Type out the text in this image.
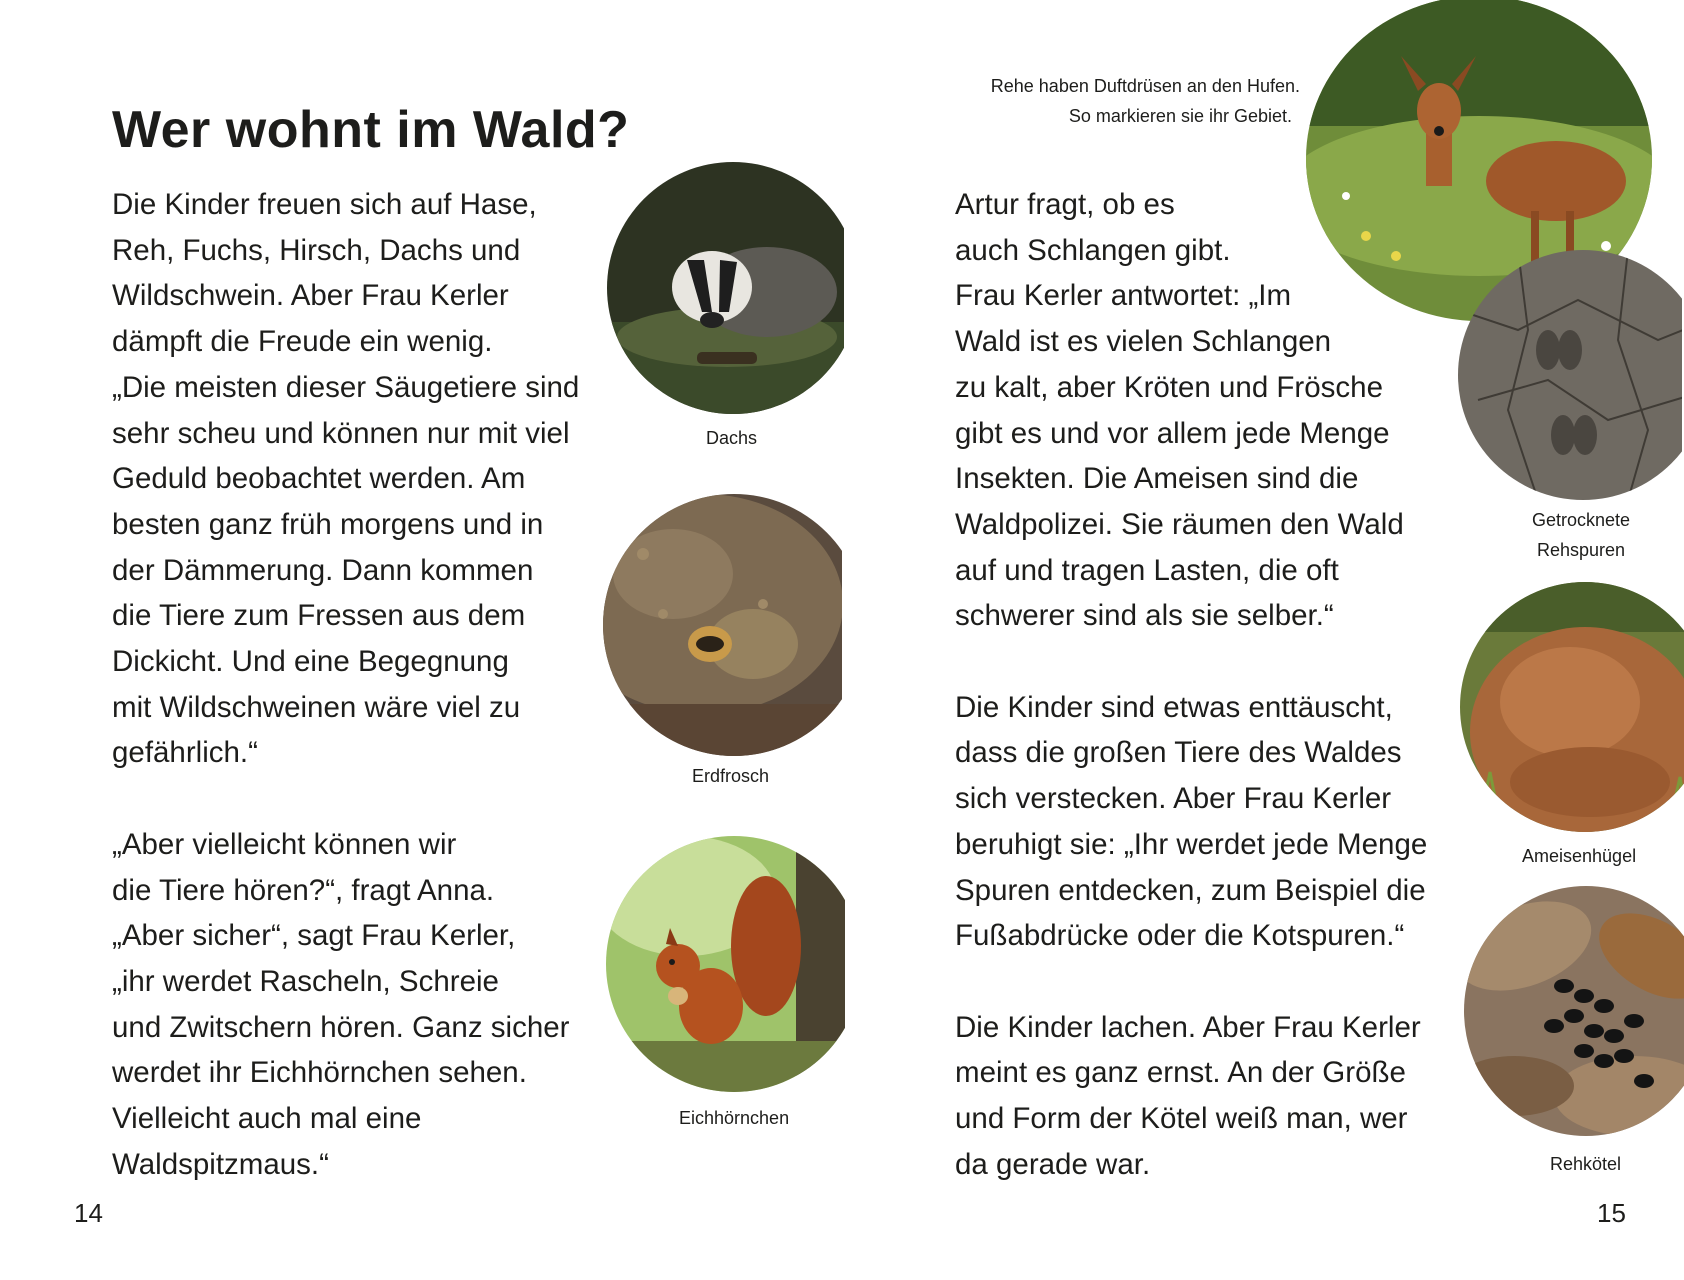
Wer wohnt im Wald?
Die Kinder freuen sich auf Hase,
Reh, Fuchs, Hirsch, Dachs und
Wildschwein. Aber Frau Kerler
dämpft die Freude ein wenig.
„Die meisten dieser Säugetiere sind
sehr scheu und können nur mit viel
Geduld beobachtet werden. Am
besten ganz früh morgens und in
der Dämmerung. Dann kommen
die Tiere zum Fressen aus dem
Dickicht. Und eine Begegnung
mit Wildschweinen wäre viel zu
gefährlich.“
„Aber vielleicht können wir
die Tiere hören?“, fragt Anna.
„Aber sicher“, sagt Frau Kerler,
„ihr werdet Rascheln, Schreie
und Zwitschern hören. Ganz sicher
werdet ihr Eichhörnchen sehen.
Vielleicht auch mal eine
Waldspitzmaus.“
Artur fragt, ob es
auch Schlangen gibt.
Frau Kerler antwortet: „Im
Wald ist es vielen Schlangen
zu kalt, aber Kröten und Frösche
gibt es und vor allem jede Menge
Insekten. Die Ameisen sind die
Waldpolizei. Sie räumen den Wald
auf und tragen Lasten, die oft
schwerer sind als sie selber.“
Die Kinder sind etwas enttäuscht,
dass die großen Tiere des Waldes
sich verstecken. Aber Frau Kerler
beruhigt sie: „Ihr werdet jede Menge
Spuren entdecken, zum Beispiel die
Fußabdrücke oder die Kotspuren.“
Die Kinder lachen. Aber Frau Kerler
meint es ganz ernst. An der Größe
und Form der Kötel weiß man, wer
da gerade war.
Dachs
Erdfrosch
Eichhörnchen
Rehe haben Duftdrüsen an den Hufen.
So markieren sie ihr Gebiet.
Getrocknete
Rehspuren
Ameisenhügel
Rehkötel
14	15
